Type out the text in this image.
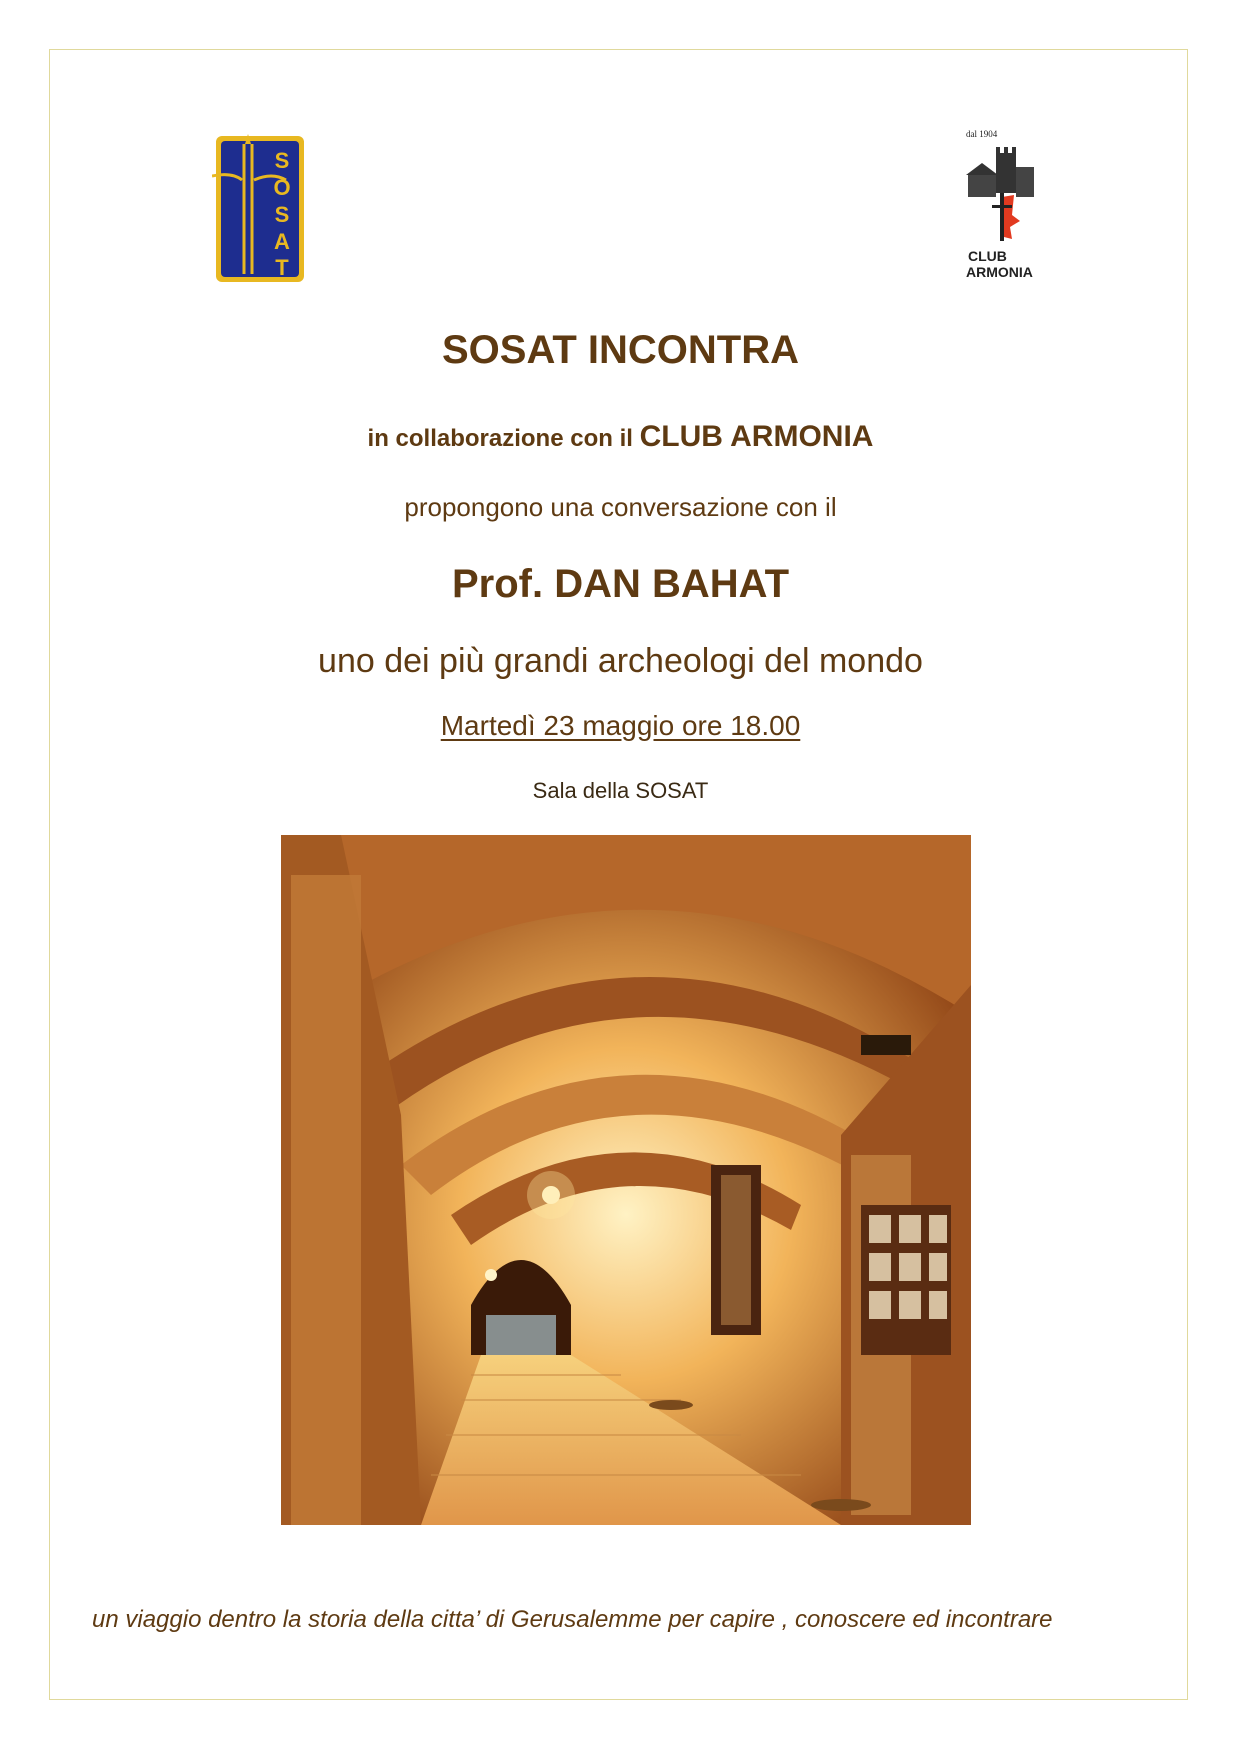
S
O
S
A
T
dal 1904
CLUB
ARMONIA
SOSAT INCONTRA
in collaborazione con il CLUB ARMONIA
propongono una conversazione con il
Prof. DAN BAHAT
uno dei più grandi archeologi del mondo
Martedì 23 maggio ore 18.00
Sala della SOSAT
un viaggio dentro la storia della citta’ di Gerusalemme per capire , conoscere ed incontrare
